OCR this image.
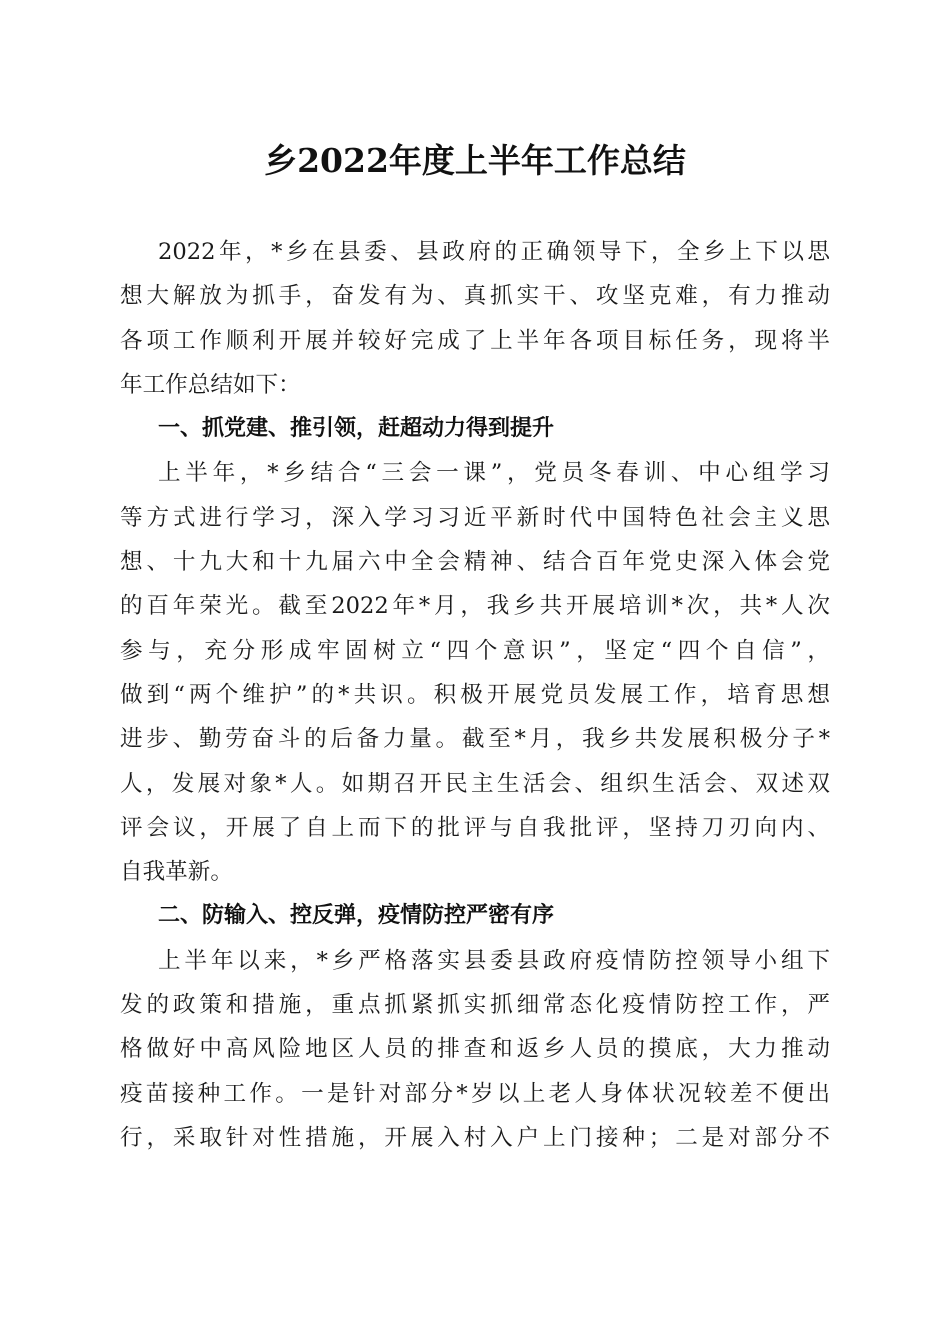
乡2022年度上半年工作总结
2022年，*乡在县委、县政府的正确领导下，全乡上下以思
想大解放为抓手，奋发有为、真抓实干、攻坚克难，有力推动
各项工作顺利开展并较好完成了上半年各项目标任务，现将半
年工作总结如下：
一、抓党建、推引领，赶超动力得到提升
上半年，*乡结合“三会一课”，党员冬春训、中心组学习
等方式进行学习，深入学习习近平新时代中国特色社会主义思
想、十九大和十九届六中全会精神、结合百年党史深入体会党
的百年荣光。截至2022年*月，我乡共开展培训*次，共*人次
参与，充分形成牢固树立“四个意识”，坚定“四个自信”，
做到“两个维护”的*共识。积极开展党员发展工作，培育思想
进步、勤劳奋斗的后备力量。截至*月，我乡共发展积极分子*
人，发展对象*人。如期召开民主生活会、组织生活会、双述双
评会议，开展了自上而下的批评与自我批评，坚持刀刃向内、
自我革新。
二、防输入、控反弹，疫情防控严密有序
上半年以来，*乡严格落实县委县政府疫情防控领导小组下
发的政策和措施，重点抓紧抓实抓细常态化疫情防控工作，严
格做好中高风险地区人员的排查和返乡人员的摸底，大力推动
疫苗接种工作。一是针对部分*岁以上老人身体状况较差不便出
行，采取针对性措施，开展入村入户上门接种；二是对部分不
